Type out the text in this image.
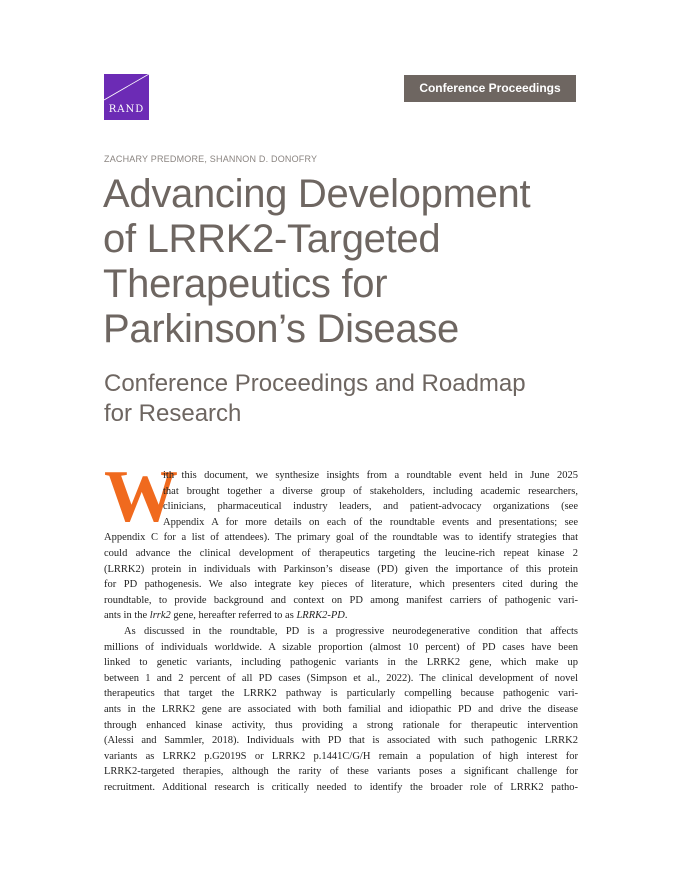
RAND
Conference Proceedings
ZACHARY PREDMORE, SHANNON D. DONOFRY
Advancing Development
of LRRK2-Targeted
Therapeutics for
Parkinson’s Disease
Conference Proceedings and Roadmap
for Research
W
ith this document, we synthesize insights from a roundtable event held in June 2025
that brought together a diverse group of stakeholders, including academic researchers,
clinicians, pharmaceutical industry leaders, and patient-advocacy organizations (see
Appendix A for more details on each of the roundtable events and presentations; see
Appendix C for a list of attendees). The primary goal of the roundtable was to identify strategies that
could advance the clinical development of therapeutics targeting the leucine-rich repeat kinase 2
(LRRK2) protein in individuals with Parkinson’s disease (PD) given the importance of this protein
for PD pathogenesis. We also integrate key pieces of literature, which presenters cited during the
roundtable, to provide background and context on PD among manifest carriers of pathogenic vari-
ants in the lrrk2 gene, hereafter referred to as LRRK2-PD.
As discussed in the roundtable, PD is a progressive neurodegenerative condition that affects
millions of individuals worldwide. A sizable proportion (almost 10 percent) of PD cases have been
linked to genetic variants, including pathogenic variants in the LRRK2 gene, which make up
between 1 and 2 percent of all PD cases (Simpson et al., 2022). The clinical development of novel
therapeutics that target the LRRK2 pathway is particularly compelling because pathogenic vari-
ants in the LRRK2 gene are associated with both familial and idiopathic PD and drive the disease
through enhanced kinase activity, thus providing a strong rationale for therapeutic intervention
(Alessi and Sammler, 2018). Individuals with PD that is associated with such pathogenic LRRK2
variants as LRRK2 p.G2019S or LRRK2 p.1441C/G/H remain a population of high interest for
LRRK2-targeted therapies, although the rarity of these variants poses a significant challenge for
recruitment. Additional research is critically needed to identify the broader role of LRRK2 patho-
